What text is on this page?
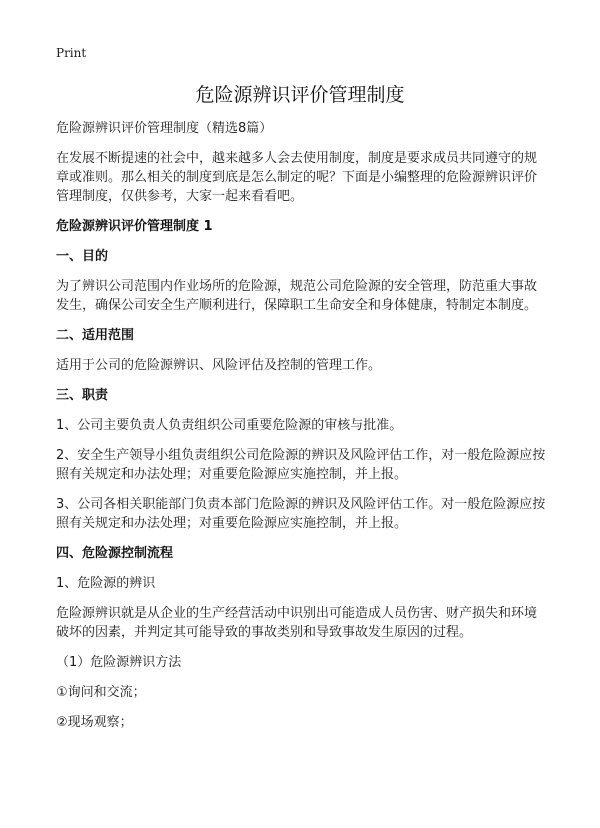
Print
危险源辨识评价管理制度

危险源辨识评价管理制度（精选8篇）

在发展不断提速的社会中，越来越多人会去使用制度，制度是要求成员共同遵守的规章或准则。那么相关的制度到底是怎么制定的呢？下面是小编整理的危险源辨识评价管理制度，仅供参考，大家一起来看看吧。

危险源辨识评价管理制度 1

一、目的

为了辨识公司范围内作业场所的危险源，规范公司危险源的安全管理，防范重大事故发生，确保公司安全生产顺利进行，保障职工生命安全和身体健康，特制定本制度。

二、适用范围

适用于公司的危险源辨识、风险评估及控制的管理工作。

三、职责

1、公司主要负责人负责组织公司重要危险源的审核与批准。

2、安全生产领导小组负责组织公司危险源的辨识及风险评估工作，对一般危险源应按照有关规定和办法处理；对重要危险源应实施控制，并上报。

3、公司各相关职能部门负责本部门危险源的辨识及风险评估工作。对一般危险源应按照有关规定和办法处理；对重要危险源应实施控制，并上报。

四、危险源控制流程

1、危险源的辨识

危险源辨识就是从企业的生产经营活动中识别出可能造成人员伤害、财产损失和环境破坏的因素，并判定其可能导致的事故类别和导致事故发生原因的过程。

（1）危险源辨识方法

①询问和交流；

②现场观察；
